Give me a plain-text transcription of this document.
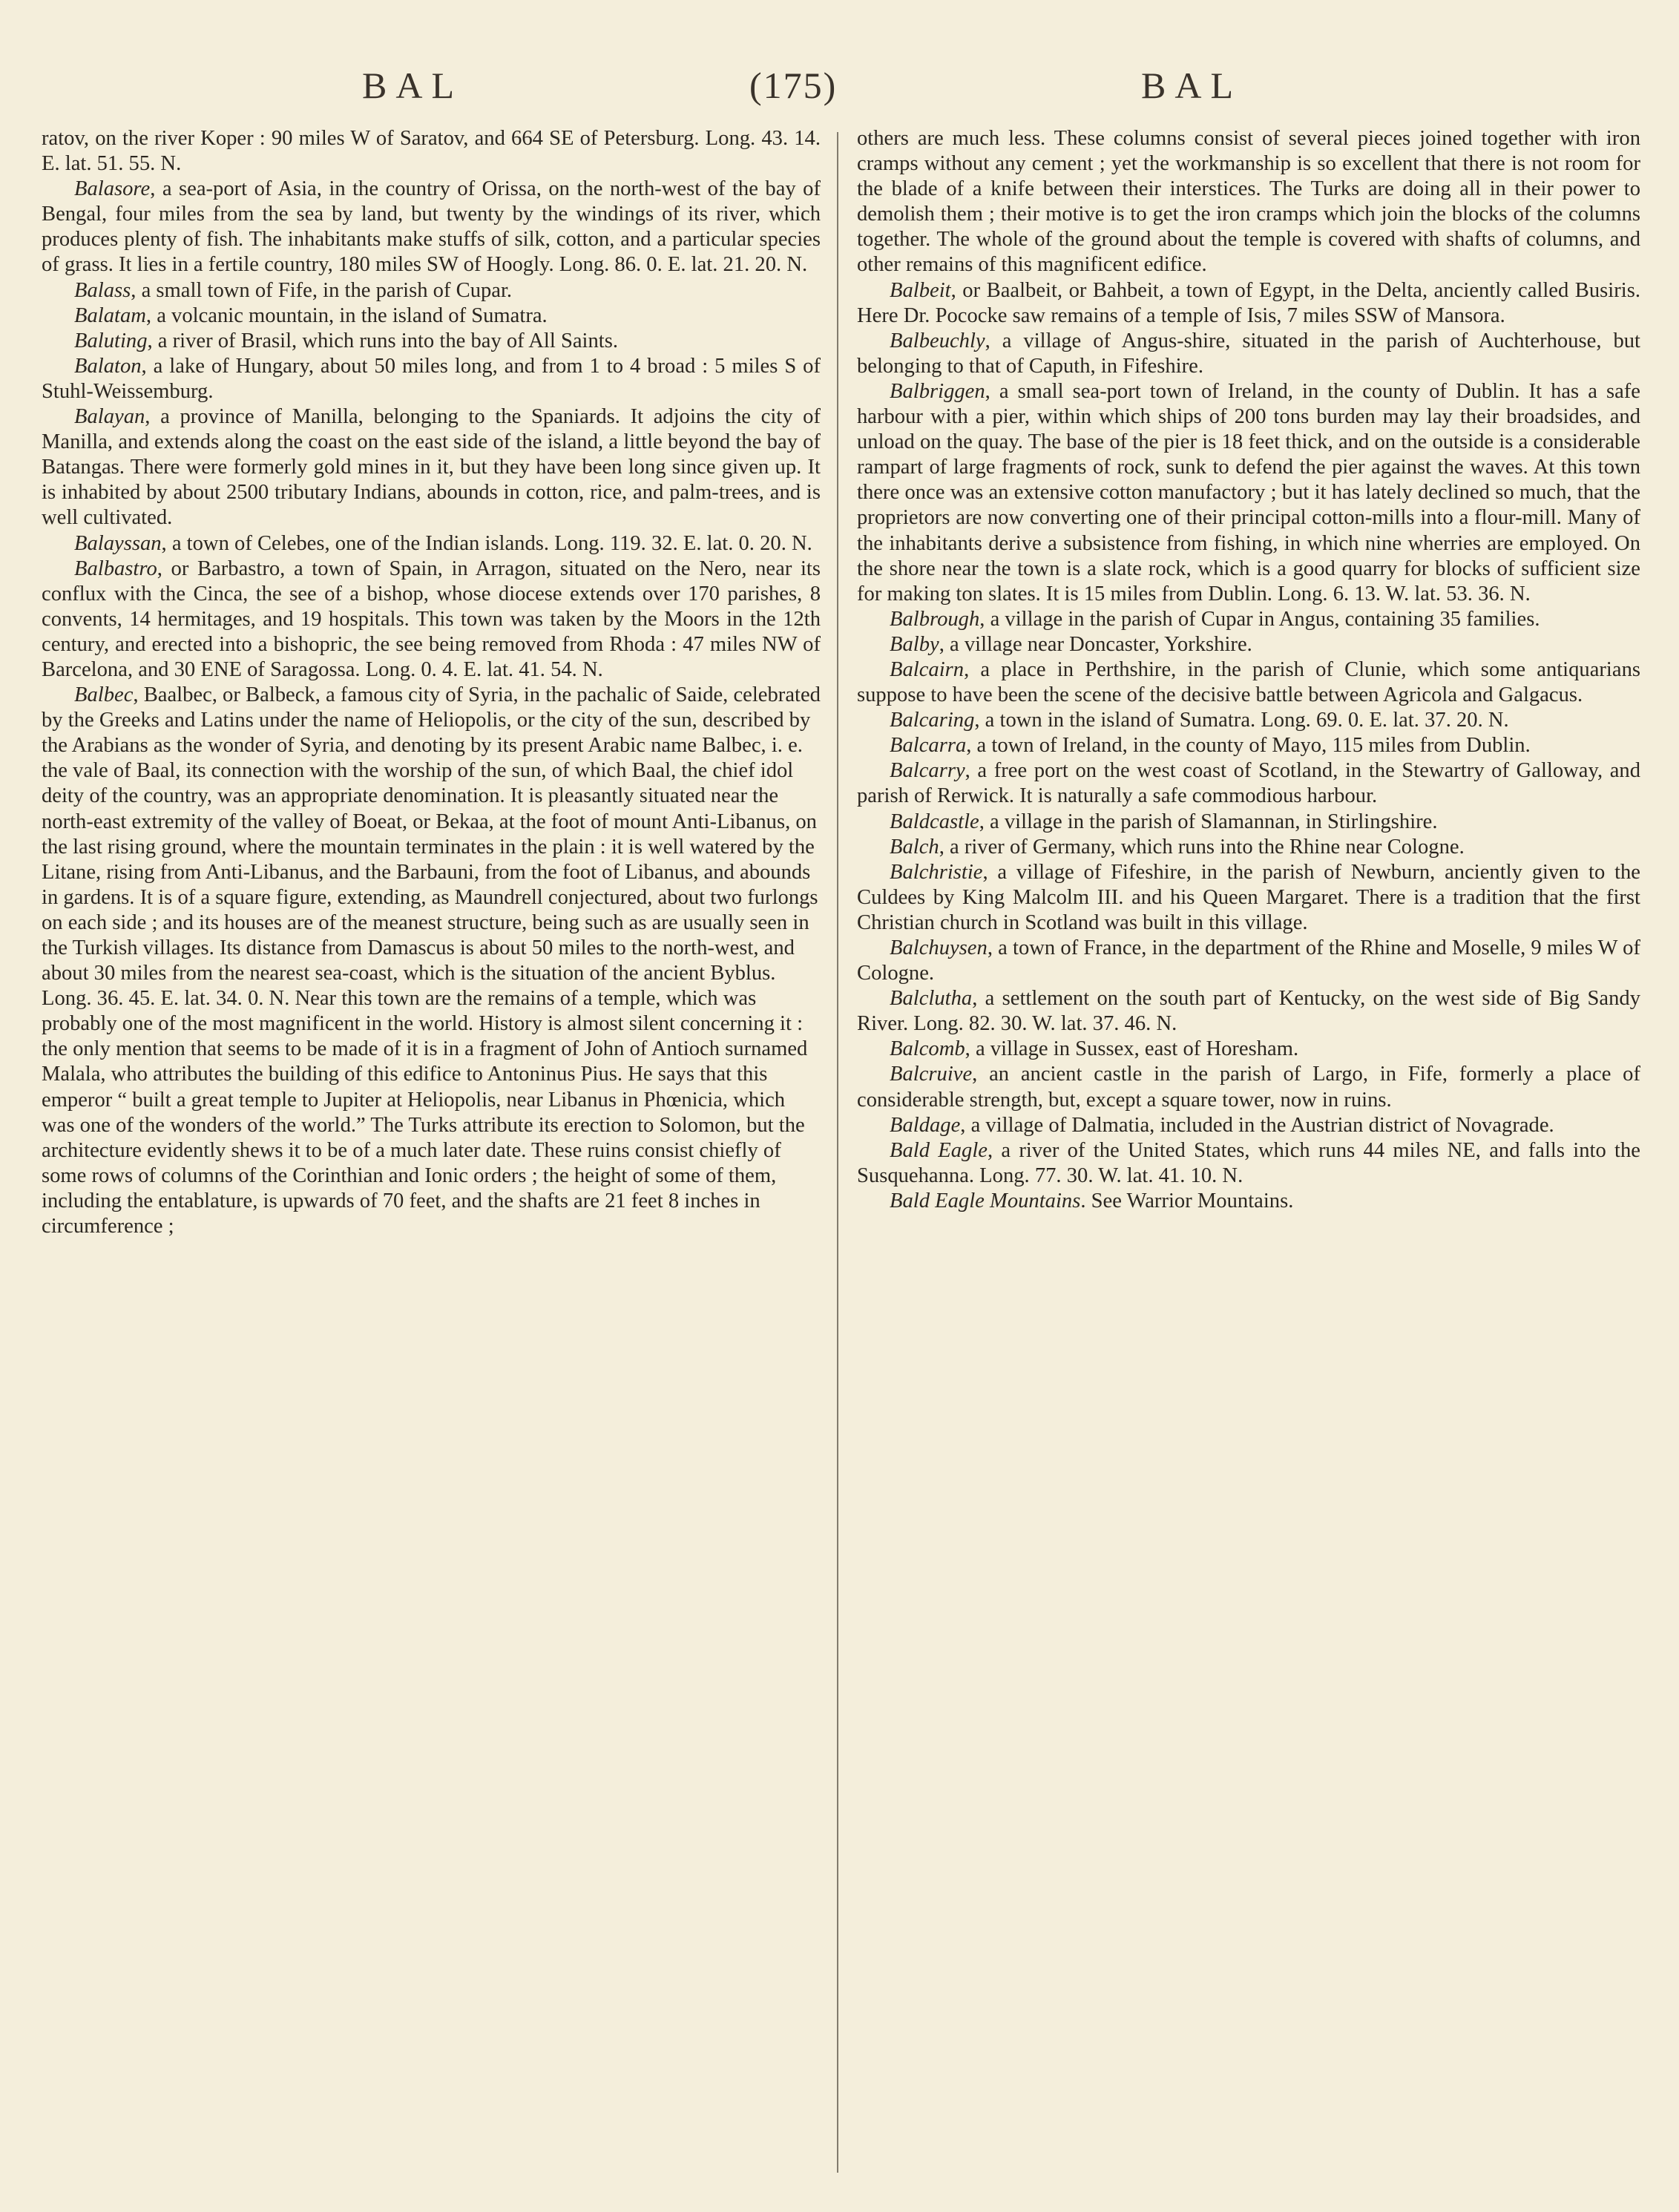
BAL	(175)	BAL

ratov, on the river Koper : 90 miles W of Saratov, and 664 SE of Petersburg. Long. 43. 14. E. lat. 51. 55. N.

Balasore, a sea-port of Asia, in the country of Orissa, on the north-west of the bay of Bengal, four miles from the sea by land, but twenty by the windings of its river, which produces plenty of fish. The inhabitants make stuffs of silk, cotton, and a particular species of grass. It lies in a fertile country, 180 miles SW of Hoogly. Long. 86. 0. E. lat. 21. 20. N.

Balass, a small town of Fife, in the parish of Cupar.

Balatam, a volcanic mountain, in the island of Sumatra.

Baluting, a river of Brasil, which runs into the bay of All Saints.

Balaton, a lake of Hungary, about 50 miles long, and from 1 to 4 broad : 5 miles S of Stuhl-Weissemburg.

Balayan, a province of Manilla, belonging to the Spaniards. It adjoins the city of Manilla, and extends along the coast on the east side of the island, a little beyond the bay of Batangas. There were formerly gold mines in it, but they have been long since given up. It is inhabited by about 2500 tributary Indians, abounds in cotton, rice, and palm-trees, and is well cultivated.

Balayssan, a town of Celebes, one of the Indian islands. Long. 119. 32. E. lat. 0. 20. N.

Balbastro, or Barbastro, a town of Spain, in Arragon, situated on the Nero, near its conflux with the Cinca, the see of a bishop, whose diocese extends over 170 parishes, 8 convents, 14 hermitages, and 19 hospitals. This town was taken by the Moors in the 12th century, and erected into a bishopric, the see being removed from Rhoda : 47 miles NW of Barcelona, and 30 ENE of Saragossa. Long. 0. 4. E. lat. 41. 54. N.

Balbec, Baalbec, or Balbeck, a famous city of Syria, in the pachalic of Saide, celebrated by the Greeks and Latins under the name of Heliopolis, or the city of the sun, described by the Arabians as the wonder of Syria, and denoting by its present Arabic name Balbec, i. e. the vale of Baal, its connection with the worship of the sun, of which Baal, the chief idol deity of the country, was an appropriate denomination. It is pleasantly situated near the north-east extremity of the valley of Boeat, or Bekaa, at the foot of mount Anti-Libanus, on the last rising ground, where the mountain terminates in the plain : it is well watered by the Litane, rising from Anti-Libanus, and the Barbauni, from the foot of Libanus, and abounds in gardens. It is of a square figure, extending, as Maundrell conjectured, about two furlongs on each side ; and its houses are of the meanest structure, being such as are usually seen in the Turkish villages. Its distance from Damascus is about 50 miles to the north-west, and about 30 miles from the nearest sea-coast, which is the situation of the ancient Byblus. Long. 36. 45. E. lat. 34. 0. N. Near this town are the remains of a temple, which was probably one of the most magnificent in the world. History is almost silent concerning it : the only mention that seems to be made of it is in a fragment of John of Antioch surnamed Malala, who attributes the building of this edifice to Antoninus Pius. He says that this emperor “ built a great temple to Jupiter at Heliopolis, near Libanus in Phœnicia, which was one of the wonders of the world.” The Turks attribute its erection to Solomon, but the architecture evidently shews it to be of a much later date. These ruins consist chiefly of some rows of columns of the Corinthian and Ionic orders ; the height of some of them, including the entablature, is upwards of 70 feet, and the shafts are 21 feet 8 inches in circumference ;

others are much less. These columns consist of several pieces joined together with iron cramps without any cement ; yet the workmanship is so excellent that there is not room for the blade of a knife between their interstices. The Turks are doing all in their power to demolish them ; their motive is to get the iron cramps which join the blocks of the columns together. The whole of the ground about the temple is covered with shafts of columns, and other remains of this magnificent edifice.

Balbeit, or Baalbeit, or Bahbeit, a town of Egypt, in the Delta, anciently called Busiris. Here Dr. Pococke saw remains of a temple of Isis, 7 miles SSW of Mansora.

Balbeuchly, a village of Angus-shire, situated in the parish of Auchterhouse, but belonging to that of Caputh, in Fifeshire.

Balbriggen, a small sea-port town of Ireland, in the county of Dublin. It has a safe harbour with a pier, within which ships of 200 tons burden may lay their broadsides, and unload on the quay. The base of the pier is 18 feet thick, and on the outside is a considerable rampart of large fragments of rock, sunk to defend the pier against the waves. At this town there once was an extensive cotton manufactory ; but it has lately declined so much, that the proprietors are now converting one of their principal cotton-mills into a flour-mill. Many of the inhabitants derive a subsistence from fishing, in which nine wherries are employed. On the shore near the town is a slate rock, which is a good quarry for blocks of sufficient size for making ton slates. It is 15 miles from Dublin. Long. 6. 13. W. lat. 53. 36. N.

Balbrough, a village in the parish of Cupar in Angus, containing 35 families.

Balby, a village near Doncaster, Yorkshire.

Balcairn, a place in Perthshire, in the parish of Clunie, which some antiquarians suppose to have been the scene of the decisive battle between Agricola and Galgacus.

Balcaring, a town in the island of Sumatra. Long. 69. 0. E. lat. 37. 20. N.

Balcarra, a town of Ireland, in the county of Mayo, 115 miles from Dublin.

Balcarry, a free port on the west coast of Scotland, in the Stewartry of Galloway, and parish of Rerwick. It is naturally a safe commodious harbour.

Baldcastle, a village in the parish of Slamannan, in Stirlingshire.

Balch, a river of Germany, which runs into the Rhine near Cologne.

Balchristie, a village of Fifeshire, in the parish of Newburn, anciently given to the Culdees by King Malcolm III. and his Queen Margaret. There is a tradition that the first Christian church in Scotland was built in this village.

Balchuysen, a town of France, in the department of the Rhine and Moselle, 9 miles W of Cologne.

Balclutha, a settlement on the south part of Kentucky, on the west side of Big Sandy River. Long. 82. 30. W. lat. 37. 46. N.

Balcomb, a village in Sussex, east of Horesham.

Balcruive, an ancient castle in the parish of Largo, in Fife, formerly a place of considerable strength, but, except a square tower, now in ruins.

Baldage, a village of Dalmatia, included in the Austrian district of Novagrade.

Bald Eagle, a river of the United States, which runs 44 miles NE, and falls into the Susquehanna. Long. 77. 30. W. lat. 41. 10. N.

Bald Eagle Mountains. See Warrior Mountains.
